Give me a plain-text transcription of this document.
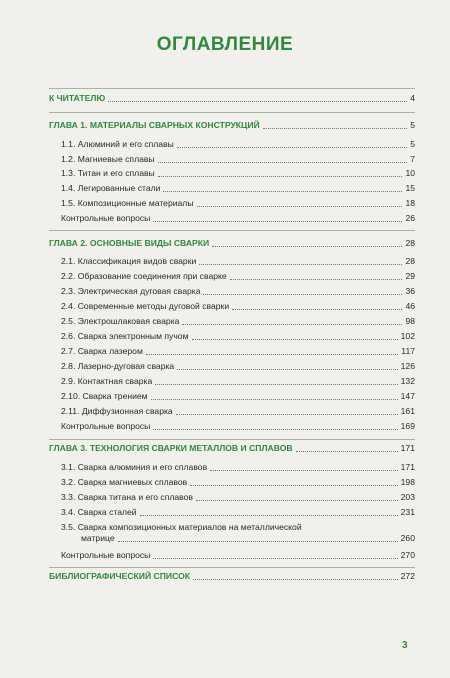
ОГЛАВЛЕНИЕ
К ЧИТАТЕЛЮ	4
ГЛАВА 1. МАТЕРИАЛЫ СВАРНЫХ КОНСТРУКЦИЙ	5
1.1. Алюминий и его сплавы	5
1.2. Магниевые сплавы	7
1.3. Титан и его сплавы	10
1.4. Легированные стали	15
1.5. Композиционные материалы	18
Контрольные вопросы	26
ГЛАВА 2. ОСНОВНЫЕ ВИДЫ СВАРКИ	28
2.1. Классификация видов сварки	28
2.2. Образование соединения при сварке	29
2.3. Электрическая дуговая сварка	36
2.4. Современные методы дуговой сварки	46
2.5. Электрошлаковая сварка	98
2.6. Сварка электронным пучом	102
2.7. Сварка лазером	117
2.8. Лазерно-дуговая сварка	126
2.9. Контактная сварка	132
2.10. Сварка трением	147
2.11. Диффузионная сварка	161
Контрольные вопросы	169
ГЛАВА 3. ТЕХНОЛОГИЯ СВАРКИ МЕТАЛЛОВ И СПЛАВОВ	171
3.1. Сварка алюминия и его сплавов	171
3.2. Сварка магниевых сплавов	198
3.3. Сварка титана и его сплавов	203
3.4. Сварка сталей	231
3.5. Сварка композиционных материалов на металлической
матрице	260
Контрольные вопросы	270
БИБЛИОГРАФИЧЕСКИЙ СПИСОК	272
3
